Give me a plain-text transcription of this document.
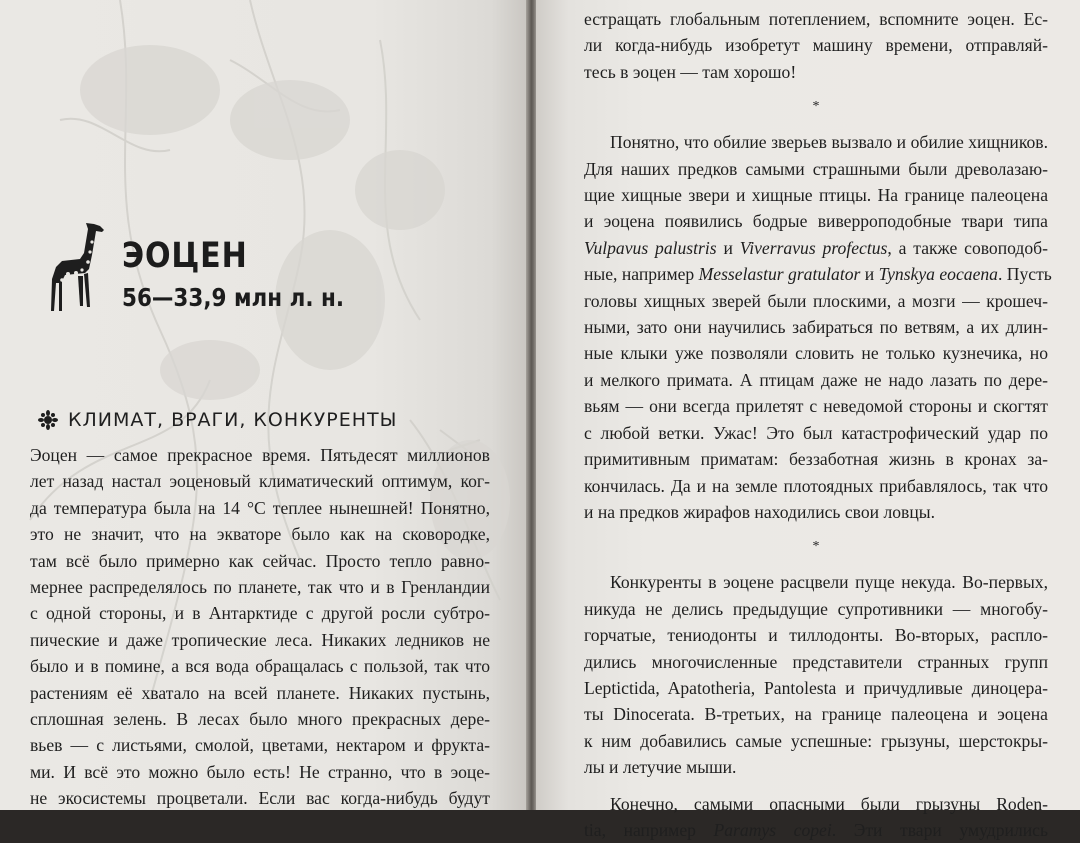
ЭОЦЕН
56—33,9 млн л. н.
КЛИМАТ, ВРАГИ, КОНКУРЕНТЫ
Эоцен — самое прекрасное время. Пятьдесят миллионов
лет назад настал эоценовый климатический оптимум, ког-
да температура была на 14 °С теплее нынешней! Понятно,
это не значит, что на экваторе было как на сковородке,
там всё было примерно как сейчас. Просто тепло равно-
мернее распределялось по планете, так что и в Гренландии
с одной стороны, и в Антарктиде с другой росли субтро-
пические и даже тропические леса. Никаких ледников не
было и в помине, а вся вода обращалась с пользой, так что
растениям её хватало на всей планете. Никаких пустынь,
сплошная зелень. В лесах было много прекрасных дере-
вьев — с листьями, смолой, цветами, нектаром и фрукта-
ми. И всё это можно было есть! Не странно, что в эоце-
не экосистемы процветали. Если вас когда-нибудь будут
естращать глобальным потеплением, вспомните эоцен. Ес-
ли когда-нибудь изобретут машину времени, отправляй-
тесь в эоцен — там хорошо!
*
Понятно, что обилие зверьев вызвало и обилие хищников.
Для наших предков самыми страшными были древолазаю-
щие хищные звери и хищные птицы. На границе палеоцена
и эоцена появились бодрые виверроподобные твари типа
Vulpavus palustris и Viverravus profectus, а также совоподоб-
ные, например Messelastur gratulator и Tynskya eocaena. Пусть
головы хищных зверей были плоскими, а мозги — крошеч-
ными, зато они научились забираться по ветвям, а их длин-
ные клыки уже позволяли словить не только кузнечика, но
и мелкого примата. А птицам даже не надо лазать по дере-
вьям — они всегда прилетят с неведомой стороны и скогтят
с любой ветки. Ужас! Это был катастрофический удар по
примитивным приматам: беззаботная жизнь в кронах за-
кончилась. Да и на земле плотоядных прибавлялось, так что
и на предков жирафов находились свои ловцы.
*
Конкуренты в эоцене расцвели пуще некуда. Во-первых,
никуда не делись предыдущие супротивники — многобу-
горчатые, тениодонты и тиллодонты. Во-вторых, распло-
дились многочисленные представители странных групп
Leptictida, Apatotheria, Pantolesta и причудливые диноцера-
ты Dinocerata. В-третьих, на границе палеоцена и эоцена
к ним добавились самые успешные: грызуны, шерстокры-
лы и летучие мыши.
Конечно, самыми опасными были грызуны Roden-
tia, например Paramys copei. Эти твари умудрились
